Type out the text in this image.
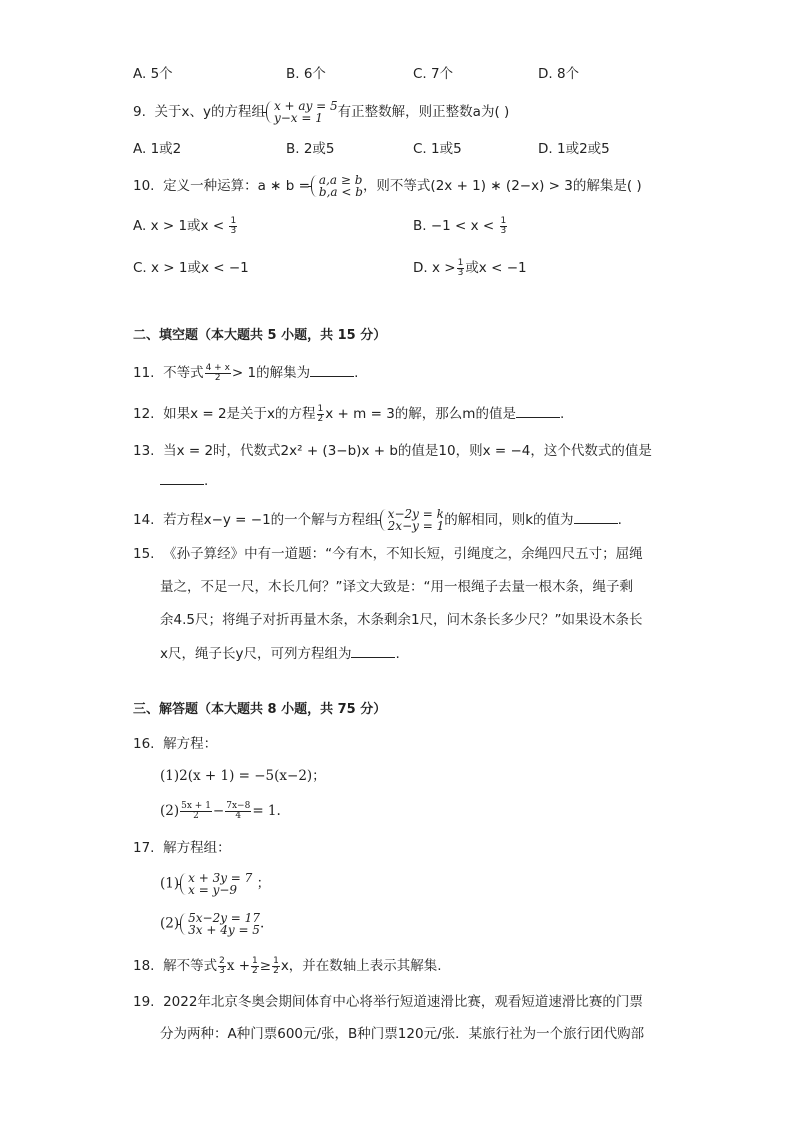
A. 5个	B. 6个	C. 7个	D. 8个
9. 关于x、y的方程组 x + ay = 5
y−x = 1	有正整数解，则正整数a为( )
A. 1或2	B. 2或5	C. 1或5	D. 1或2或5
10. 定义一种运算：a ∗ b = a,a ≥ b
b,a < b ，则不等式(2x + 1) ∗ (2−x) > 3的解集是( )
A. x > 1或$x < \frac{1}{3}$	B. $-1 < x < \frac{1}{3}$
C. x > 1或x < −1	D. $x > \frac{1}{3}$ 或x < −1
二、填空题（本大题共 5 小题，共 15 分）
11. 不等式 $\frac{4 + x}{2} > 1$的解集为	.
12. 如果x = 2是关于x的方程 $\frac{1}{2}$ x + m = 3的解，那么m的值是	.
13. 当x = 2时，代数式2x² + (3−b)x + b的值是10，则x = −4，这个代数式的值是
.
14. 若方程x−y = −1的一个解与方程组 x−2y = k
2x−y = 1 的解相同，则k的值为	.
15. 《孙子算经》中有一道题：“今有木，不知长短，引绳度之，余绳四尺五寸；屈绳
量之，不足一尺，木长几何？”译文大致是：“用一根绳子去量一根木条，绳子剩
余4.5尺；将绳子对折再量木条，木条剩余1尺，问木条长多少尺？”如果设木条长
x尺，绳子长y尺，可列方程组为	.
三、解答题（本大题共 8 小题，共 75 分）
16. 解方程：
(1)2(x + 1) = −5(x−2)；
$(2) \frac{5x + 1}{2} - \frac{7x-8}{4} = 1$.
17. 解方程组：
(1) x + 3y = 7
x = y−9	；
(2) 5x−2y = 17
3x + 4y = 5 .
18. 解不等式 $\frac{2}{3}$ $x + \frac{1}{2} \ge \frac{1}{2}$ x，并在数轴上表示其解集.
19. 2022年北京冬奥会期间体育中心将举行短道速滑比赛，观看短道速滑比赛的门票
分为两种：A种门票600元/张，B种门票120元/张．某旅行社为一个旅行团代购部
